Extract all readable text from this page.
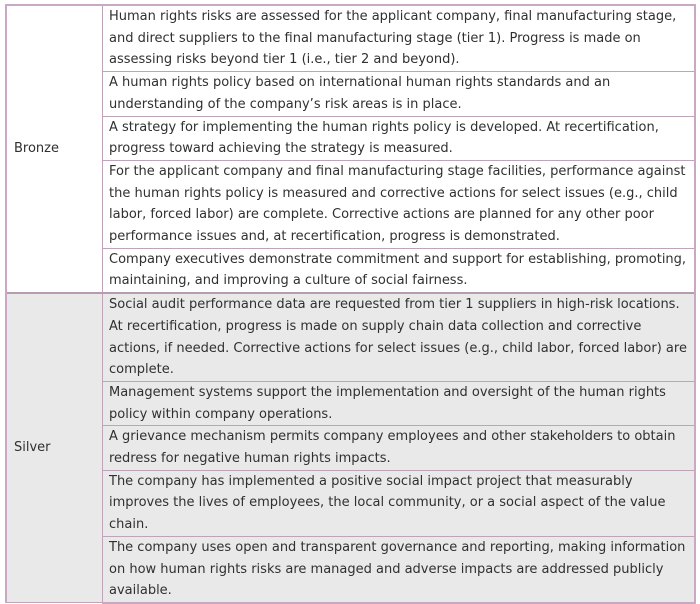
Bronze	Human rights risks are assessed for the applicant company, final manufacturing stage, and direct suppliers to the final manufacturing stage (tier 1). Progress is made on assessing risks beyond tier 1 (i.e., tier 2 and beyond).
	A human rights policy based on international human rights standards and an understanding of the company’s risk areas is in place.
	A strategy for implementing the human rights policy is developed. At recertification, progress toward achieving the strategy is measured.
	For the applicant company and final manufacturing stage facilities, performance against the human rights policy is measured and corrective actions for select issues (e.g., child labor, forced labor) are complete. Corrective actions are planned for any other poor performance issues and, at recertification, progress is demonstrated.
	Company executives demonstrate commitment and support for establishing, promoting, maintaining, and improving a culture of social fairness.
Silver	Social audit performance data are requested from tier 1 suppliers in high-risk locations. At recertification, progress is made on supply chain data collection and corrective actions, if needed. Corrective actions for select issues (e.g., child labor, forced labor) are complete.
	Management systems support the implementation and oversight of the human rights policy within company operations.
	A grievance mechanism permits company employees and other stakeholders to obtain redress for negative human rights impacts.
	The company has implemented a positive social impact project that measurably improves the lives of employees, the local community, or a social aspect of the value chain.
	The company uses open and transparent governance and reporting, making information on how human rights risks are managed and adverse impacts are addressed publicly available.
